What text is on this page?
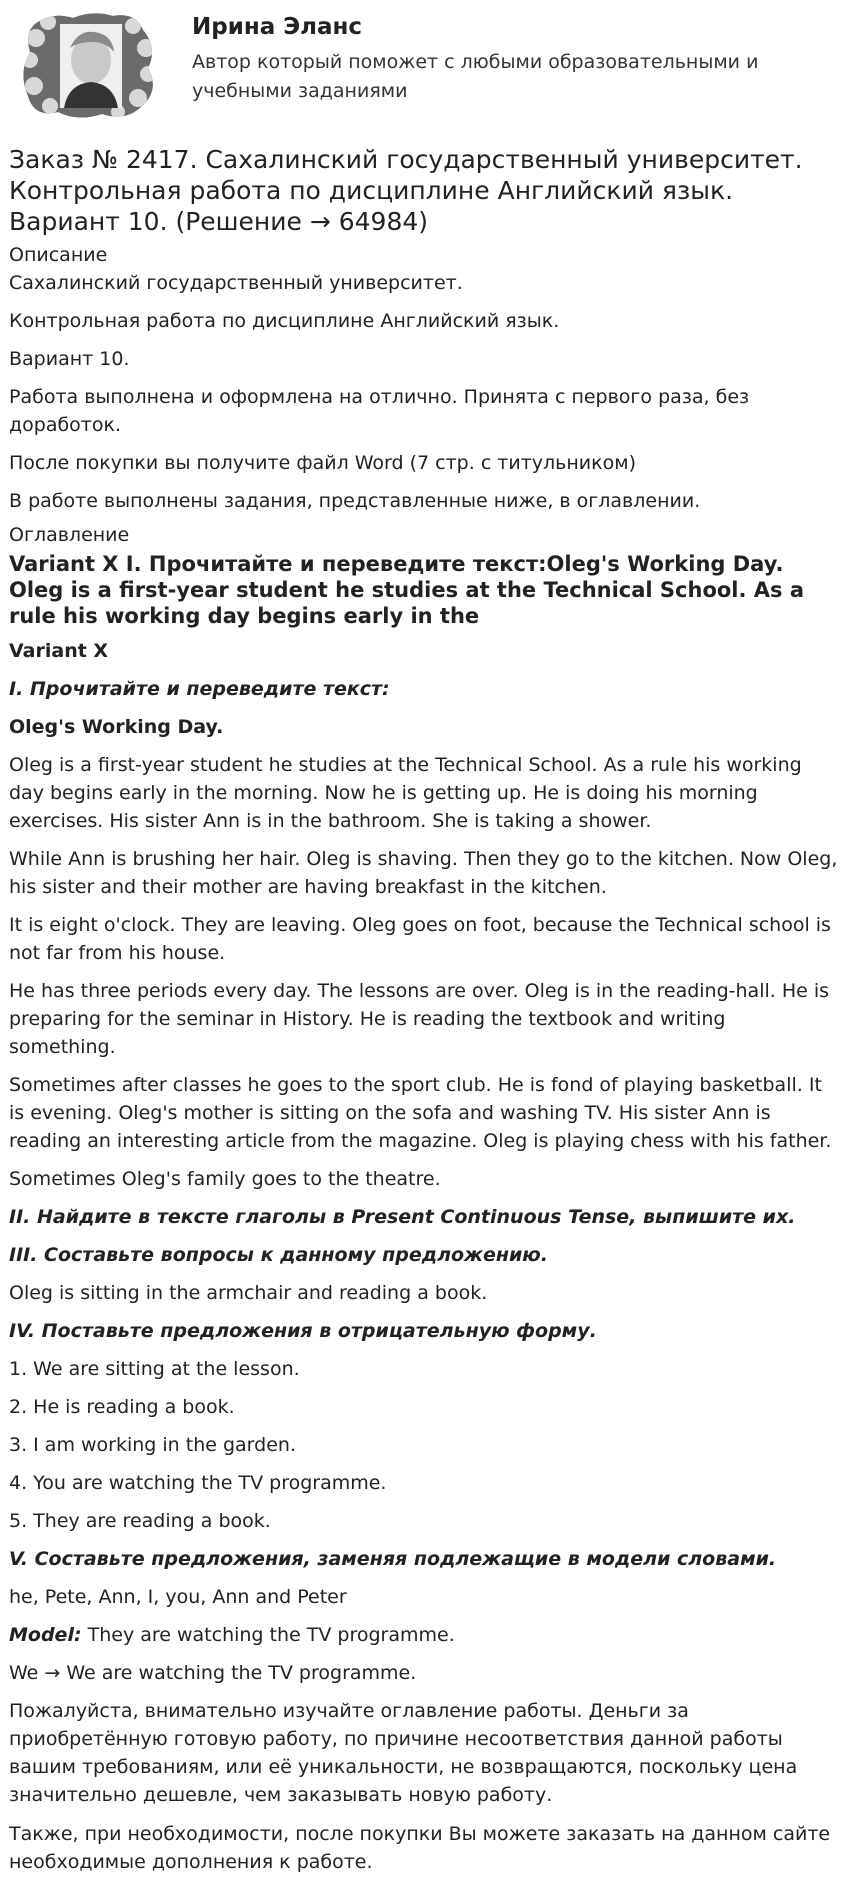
Ирина Эланс
Автор который поможет с любыми образовательными и учебными заданиями
Заказ № 2417. Сахалинский государственный университет. Контрольная работа по дисциплине Английский язык. Вариант 10. (Решение → 64984)
Описание

Сахалинский государственный университет.

Контрольная работа по дисциплине Английский язык.

Вариант 10.

Работа выполнена и оформлена на отлично. Принята с первого раза, без доработок.

После покупки вы получите файл Word (7 стр. с титульником)

В работе выполнены задания, представленные ниже, в оглавлении.

Оглавление
Variant X I. Прочитайте и переведите текст:Oleg's Working Day. Oleg is a first-year student he studies at the Technical School. As a rule his working day begins early in the

Variant X

I. Прочитайте и переведите текст:

Oleg's Working Day.

Oleg is a first-year student he studies at the Technical School. As a rule his working day begins early in the morning. Now he is getting up. He is doing his morning exercises. His sister Ann is in the bathroom. She is taking a shower.

While Ann is brushing her hair. Oleg is shaving. Then they go to the kitchen. Now Oleg, his sister and their mother are having breakfast in the kitchen.

It is eight o'clock. They are leaving. Oleg goes on foot, because the Technical school is not far from his house.

He has three periods every day. The lessons are over. Oleg is in the reading-hall. He is preparing for the seminar in History. He is reading the textbook and writing something.

Sometimes after classes he goes to the sport club. He is fond of playing basketball. It is evening. Oleg's mother is sitting on the sofa and washing TV. His sister Ann is reading an interesting article from the magazine. Oleg is playing chess with his father.

Sometimes Oleg's family goes to the theatre.

II. Найдите в тексте глаголы в Present Continuous Tense, выпишите их.

III. Составьте вопросы к данному предложению.

Oleg is sitting in the armchair and reading a book.

IV. Поставьте предложения в отрицательную форму.

1. We are sitting at the lesson.

2. He is reading a book.

3. I am working in the garden.

4. You are watching the TV programme.

5. They are reading a book.

V. Составьте предложения, заменяя подлежащие в модели словами.

he, Pete, Ann, I, you, Ann and Peter

Model: They are watching the TV programme.

We → We are watching the TV programme.

Пожалуйста, внимательно изучайте оглавление работы. Деньги за приобретённую готовую работу, по причине несоответствия данной работы вашим требованиям, или её уникальности, не возвращаются, поскольку цена значительно дешевле, чем заказывать новую работу.

Также, при необходимости, после покупки Вы можете заказать на данном сайте необходимые дополнения к работе.
